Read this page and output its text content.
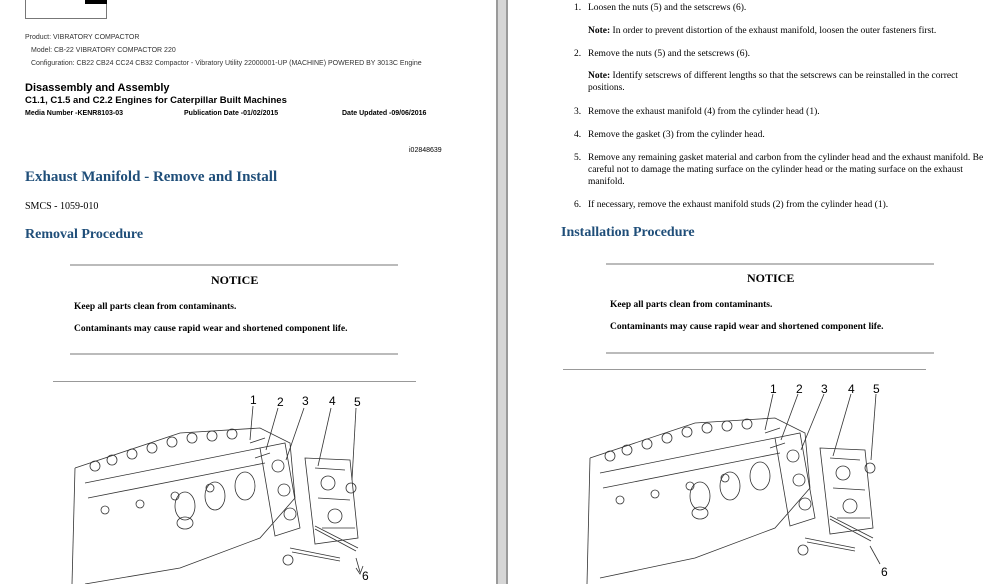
Product: VIBRATORY COMPACTOR
Model: CB-22 VIBRATORY COMPACTOR 220
Configuration: CB22 CB24 CC24 CB32 Compactor - Vibratory Utility 22000001-UP (MACHINE) POWERED BY 3013C Engine
Disassembly and Assembly
C1.1, C1.5 and C2.2 Engines for Caterpillar Built Machines
Media Number -KENR8103-03	Publication Date -01/02/2015	Date Updated -09/06/2016
i02848639
Exhaust Manifold - Remove and Install
SMCS - 1059-010
Removal Procedure
NOTICE
Keep all parts clean from contaminants.
Contaminants may cause rapid wear and shortened component life.
1 2 3 4 5
6
1. Loosen the nuts (5) and the setscrews (6).
Note: In order to prevent distortion of the exhaust manifold, loosen the outer fasteners first.
2. Remove the nuts (5) and the setscrews (6).
Note: Identify setscrews of different lengths so that the setscrews can be reinstalled in the correct positions.
3. Remove the exhaust manifold (4) from the cylinder head (1).
4. Remove the gasket (3) from the cylinder head.
5. Remove any remaining gasket material and carbon from the cylinder head and the exhaust manifold. Be careful not to damage the mating surface on the cylinder head or the mating surface on the exhaust manifold.
6. If necessary, remove the exhaust manifold studs (2) from the cylinder head (1).
Installation Procedure
NOTICE
Keep all parts clean from contaminants.
Contaminants may cause rapid wear and shortened component life.
1 2 3 4 5
6
